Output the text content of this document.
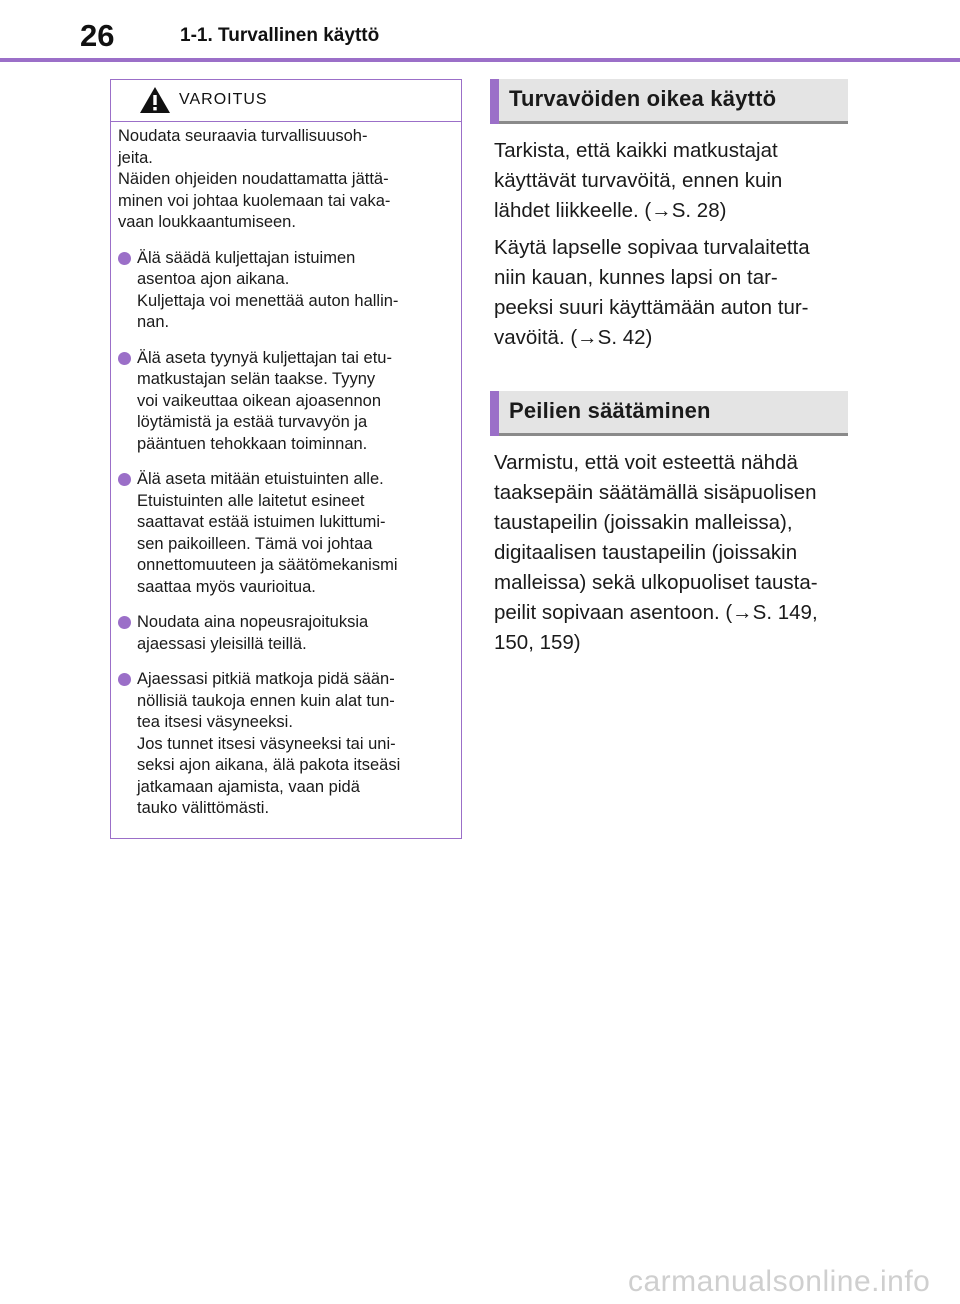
26	1-1. Turvallinen käyttö
VAROITUS
Noudata seuraavia turvallisuusoh-
jeita.
Näiden ohjeiden noudattamatta jättä-
minen voi johtaa kuolemaan tai vaka-
vaan loukkaantumiseen.
Älä säädä kuljettajan istuimen
asentoa ajon aikana.
Kuljettaja voi menettää auton hallin-
nan.
Älä aseta tyynyä kuljettajan tai etu-
matkustajan selän taakse. Tyyny
voi vaikeuttaa oikean ajoasennon
löytämistä ja estää turvavyön ja
pääntuen tehokkaan toiminnan.
Älä aseta mitään etuistuinten alle.
Etuistuinten alle laitetut esineet
saattavat estää istuimen lukittumi-
sen paikoilleen. Tämä voi johtaa
onnettomuuteen ja säätömekanismi
saattaa myös vaurioitua.
Noudata aina nopeusrajoituksia
ajaessasi yleisillä teillä.
Ajaessasi pitkiä matkoja pidä sään-
nöllisiä taukoja ennen kuin alat tun-
tea itsesi väsyneeksi.
Jos tunnet itsesi väsyneeksi tai uni-
seksi ajon aikana, älä pakota itseäsi
jatkamaan ajamista, vaan pidä
tauko välittömästi.
Turvavöiden oikea käyttö

Tarkista, että kaikki matkustajat
käyttävät turvavöitä, ennen kuin
lähdet liikkeelle. (→S. 28)

Käytä lapselle sopivaa turvalaitetta
niin kauan, kunnes lapsi on tar-
peeksi suuri käyttämään auton tur-
vavöitä. (→S. 42)

Peilien säätäminen

Varmistu, että voit esteettä nähdä
taaksepäin säätämällä sisäpuolisen
taustapeilin (joissakin malleissa),
digitaalisen taustapeilin (joissakin
malleissa) sekä ulkopuoliset tausta-
peilit sopivaan asentoon. (→S. 149,
150, 159)

carmanualsonline.info
